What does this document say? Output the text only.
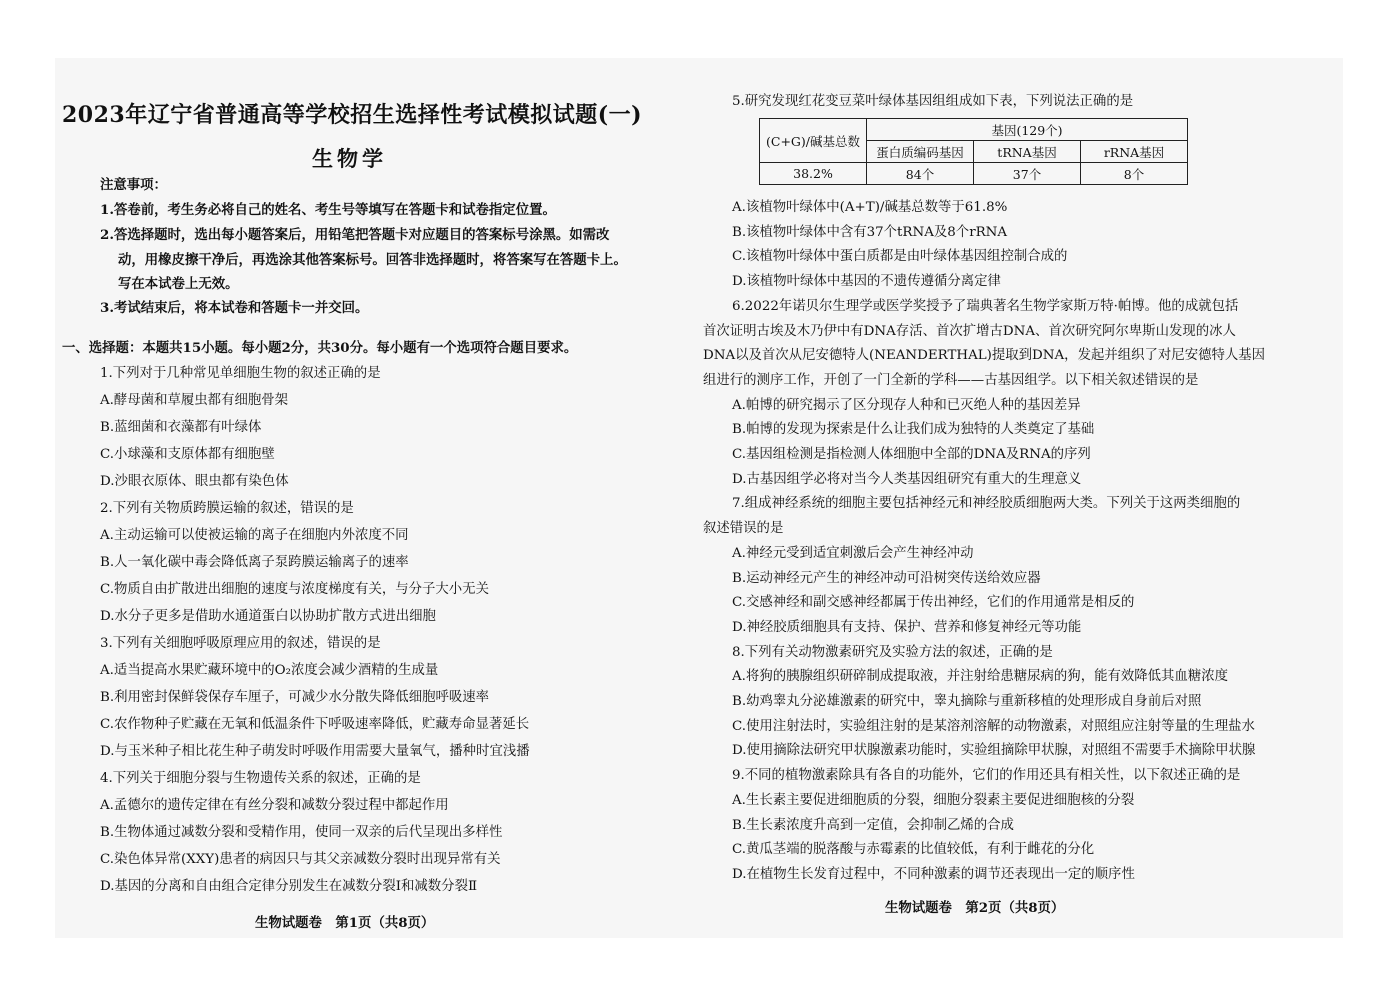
2023年辽宁省普通高等学校招生选择性考试模拟试题(一)
生物学
注意事项：
1.答卷前，考生务必将自己的姓名、考生号等填写在答题卡和试卷指定位置。
2.答选择题时，选出每小题答案后，用铅笔把答题卡对应题目的答案标号涂黑。如需改
动，用橡皮擦干净后，再选涂其他答案标号。回答非选择题时，将答案写在答题卡上。
写在本试卷上无效。
3.考试结束后，将本试卷和答题卡一并交回。
一、选择题：本题共15小题。每小题2分，共30分。每小题有一个选项符合题目要求。
1.下列对于几种常见单细胞生物的叙述正确的是
A.酵母菌和草履虫都有细胞骨架
B.蓝细菌和衣藻都有叶绿体
C.小球藻和支原体都有细胞壁
D.沙眼衣原体、眼虫都有染色体
2.下列有关物质跨膜运输的叙述，错误的是
A.主动运输可以使被运输的离子在细胞内外浓度不同
B.人一氧化碳中毒会降低离子泵跨膜运输离子的速率
C.物质自由扩散进出细胞的速度与浓度梯度有关，与分子大小无关
D.水分子更多是借助水通道蛋白以协助扩散方式进出细胞
3.下列有关细胞呼吸原理应用的叙述，错误的是
A.适当提高水果贮藏环境中的O₂浓度会减少酒精的生成量
B.利用密封保鲜袋保存车厘子，可减少水分散失降低细胞呼吸速率
C.农作物种子贮藏在无氧和低温条件下呼吸速率降低，贮藏寿命显著延长
D.与玉米种子相比花生种子萌发时呼吸作用需要大量氧气，播种时宜浅播
4.下列关于细胞分裂与生物遗传关系的叙述，正确的是
A.孟德尔的遗传定律在有丝分裂和减数分裂过程中都起作用
B.生物体通过减数分裂和受精作用，使同一双亲的后代呈现出多样性
C.染色体异常(XXY)患者的病因只与其父亲减数分裂时出现异常有关
D.基因的分离和自由组合定律分别发生在减数分裂Ⅰ和减数分裂Ⅱ
生物试题卷　第1页（共8页）
5.研究发现红花变豆菜叶绿体基因组组成如下表，下列说法正确的是
(C+G)/碱基总数	基因(129个)		
	蛋白质编码基因	tRNA基因	rRNA基因
38.2%	84个	37个	8个
A.该植物叶绿体中(A+T)/碱基总数等于61.8%
B.该植物叶绿体中含有37个tRNA及8个rRNA
C.该植物叶绿体中蛋白质都是由叶绿体基因组控制合成的
D.该植物叶绿体中基因的不遗传遵循分离定律
6.2022年诺贝尔生理学或医学奖授予了瑞典著名生物学家斯万特·帕博。他的成就包括
首次证明古埃及木乃伊中有DNA存活、首次扩增古DNA、首次研究阿尔卑斯山发现的冰人
DNA以及首次从尼安德特人(NEANDERTHAL)提取到DNA，发起并组织了对尼安德特人基因
组进行的测序工作，开创了一门全新的学科——古基因组学。以下相关叙述错误的是
A.帕博的研究揭示了区分现存人种和已灭绝人种的基因差异
B.帕博的发现为探索是什么让我们成为独特的人类奠定了基础
C.基因组检测是指检测人体细胞中全部的DNA及RNA的序列
D.古基因组学必将对当今人类基因组研究有重大的生理意义
7.组成神经系统的细胞主要包括神经元和神经胶质细胞两大类。下列关于这两类细胞的
叙述错误的是
A.神经元受到适宜刺激后会产生神经冲动
B.运动神经元产生的神经冲动可沿树突传送给效应器
C.交感神经和副交感神经都属于传出神经，它们的作用通常是相反的
D.神经胶质细胞具有支持、保护、营养和修复神经元等功能
8.下列有关动物激素研究及实验方法的叙述，正确的是
A.将狗的胰腺组织研碎制成提取液，并注射给患糖尿病的狗，能有效降低其血糖浓度
B.幼鸡睾丸分泌雄激素的研究中，睾丸摘除与重新移植的处理形成自身前后对照
C.使用注射法时，实验组注射的是某溶剂溶解的动物激素，对照组应注射等量的生理盐水
D.使用摘除法研究甲状腺激素功能时，实验组摘除甲状腺，对照组不需要手术摘除甲状腺
9.不同的植物激素除具有各自的功能外，它们的作用还具有相关性，以下叙述正确的是
A.生长素主要促进细胞质的分裂，细胞分裂素主要促进细胞核的分裂
B.生长素浓度升高到一定值，会抑制乙烯的合成
C.黄瓜茎端的脱落酸与赤霉素的比值较低，有利于雌花的分化
D.在植物生长发育过程中，不同种激素的调节还表现出一定的顺序性
生物试题卷　第2页（共8页）
